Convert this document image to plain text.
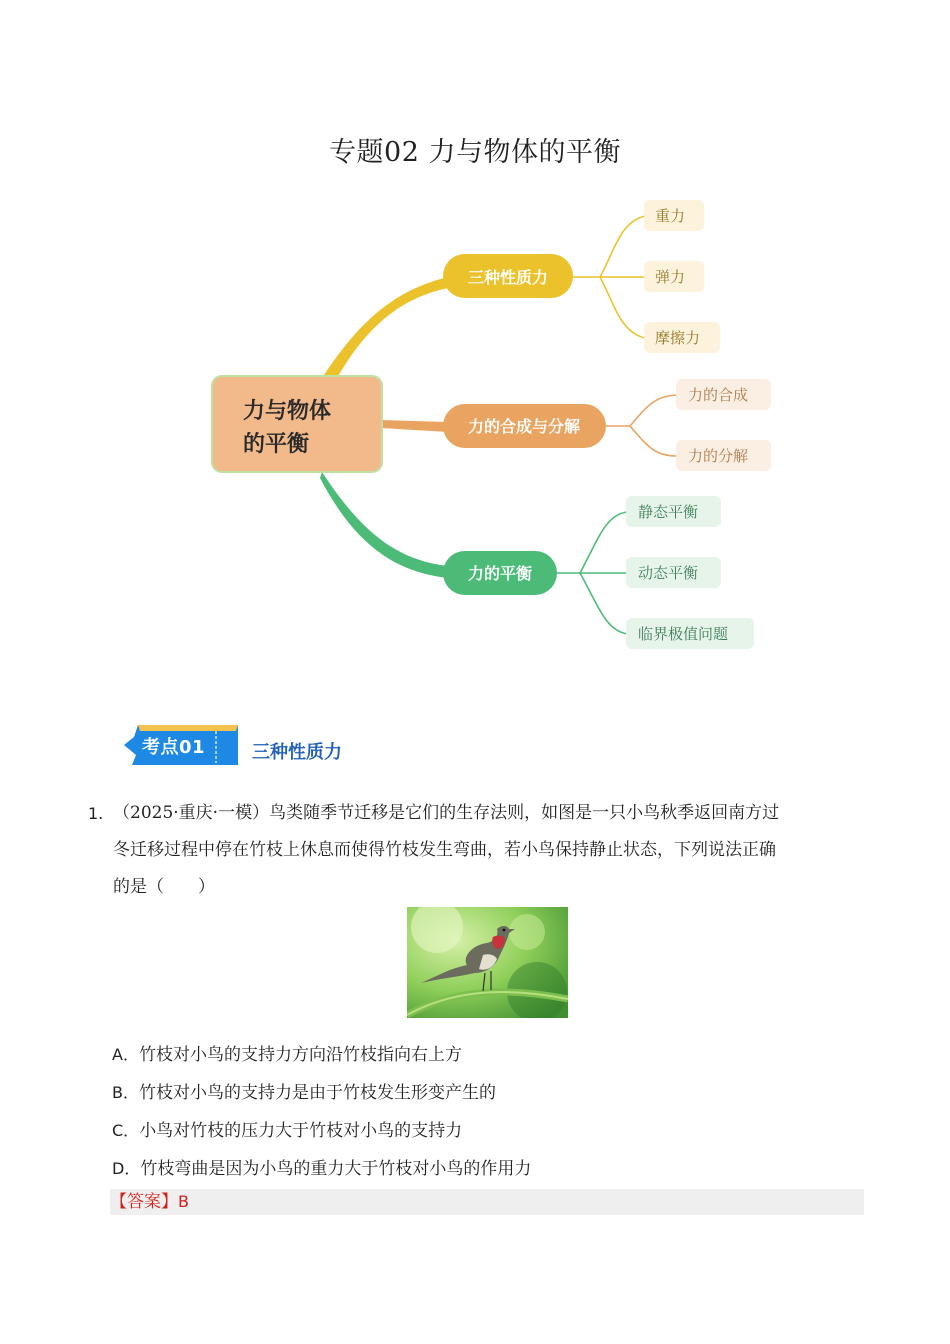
专题02 力与物体的平衡
力与物体
的平衡
三种性质力
力的合成与分解
力的平衡
重力
弹力
摩擦力
力的合成
力的分解
静态平衡
动态平衡
临界极值问题
考点01	三种性质力
1. （2025·重庆·一模）鸟类随季节迁移是它们的生存法则，如图是一只小鸟秋季返回南方过
冬迁移过程中停在竹枝上休息而使得竹枝发生弯曲，若小鸟保持静止状态，下列说法正确
的是（　　）
A．竹枝对小鸟的支持力方向沿竹枝指向右上方
B．竹枝对小鸟的支持力是由于竹枝发生形变产生的
C．小鸟对竹枝的压力大于竹枝对小鸟的支持力
D．竹枝弯曲是因为小鸟的重力大于竹枝对小鸟的作用力
【答案】B
